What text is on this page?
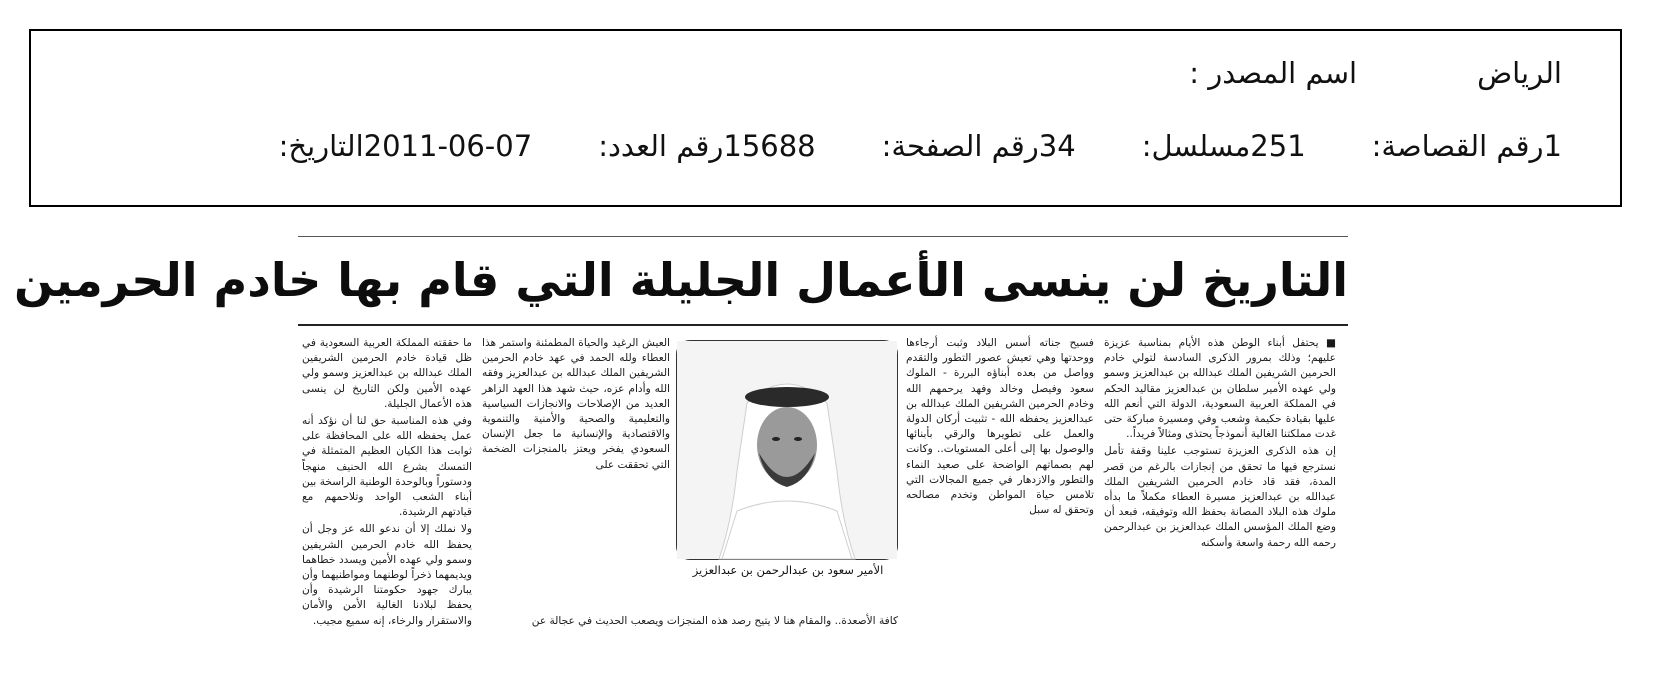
اسم المصدر :	الرياض
التاريخ: 2011-06-07 رقم العدد: 15688 رقم الصفحة: 34 مسلسل: 251 رقم القصاصة: 1
التاريخ لن ينسى الأعمال الجليلة التي قام بها خادم الحرمين

■ يحتفل أبناء الوطن هذه الأيام بمناسبة عزيزة عليهم؛ وذلك بمرور الذكرى السادسة لتولي خادم الحرمين الشريفين الملك عبدالله بن عبدالعزيز وسمو ولي عهده الأمير سلطان بن عبدالعزيز مقاليد الحكم في المملكة العربية السعودية، الدولة التي أنعم الله عليها بقيادة حكيمة وشعب وفي ومسيرة مباركة حتى غدت مملكتنا الغالية أنموذجاً يحتذى ومثالاً فريداً..

إن هذه الذكرى العزيزة تستوجب علينا وقفة تأمل نسترجع فيها ما تحقق من إنجازات بالرغم من قصر المدة، فقد قاد خادم الحرمين الشريفين الملك عبدالله بن عبدالعزيز مسيرة العطاء مكملاً ما بدأه ملوك هذه البلاد المصانة بحفظ الله وتوفيقه، فبعد أن وضع الملك المؤسس الملك عبدالعزيز بن عبدالرحمن رحمه الله رحمة واسعة وأسكنه

فسيح جناته أسس البلاد وثبت أرجاءها ووحدتها وهي تعيش عصور التطور والتقدم وواصل من بعده أبناؤه البررة - الملوك سعود وفيصل وخالد وفهد يرحمهم الله وخادم الحرمين الشريفين الملك عبدالله بن عبدالعزيز يحفظه الله - تثبيت أركان الدولة والعمل على تطويرها والرقي بأبنائها والوصول بها إلى أعلى المستويات.. وكانت لهم بصماتهم الواضحة على صعيد النماء والتطور والازدهار في جميع المجالات التي تلامس حياة المواطن وتخدم مصالحه وتحقق له سبل

الأمير سعود بن عبدالرحمن بن عبدالعزيز

العيش الرغيد والحياة المطمئنة واستمر هذا العطاء ولله الحمد في عهد خادم الحرمين الشريفين الملك عبدالله بن عبدالعزيز وفقه الله وأدام عزه، حيث شهد هذا العهد الزاهر العديد من الإصلاحات والانجازات السياسية والتعليمية والصحية والأمنية والتنموية والاقتصادية والإنسانية ما جعل الإنسان السعودي يفخر ويعتز بالمنجزات الضخمة التي تحققت على

كافة الأصعدة.. والمقام هنا لا يتيح رصد هذه المنجزات ويصعب الحديث في عجالة عن

ما حققته المملكة العربية السعودية في ظل قيادة خادم الحرمين الشريفين الملك عبدالله بن عبدالعزيز وسمو ولي عهده الأمين ولكن التاريخ لن ينسى هذه الأعمال الجليلة.

وفي هذه المناسبة حق لنا أن نؤكد أنه عمل يحفظه الله على المحافظة على ثوابت هذا الكيان العظيم المتمثلة في التمسك بشرع الله الحنيف منهجاً ودستوراً وبالوحدة الوطنية الراسخة بين أبناء الشعب الواحد وتلاحمهم مع قيادتهم الرشيدة.

ولا نملك إلا أن ندعو الله عز وجل أن يحفظ الله خادم الحرمين الشريفين وسمو ولي عهده الأمين ويسدد خطاهما ويديمهما ذخراً لوطنهما ومواطنيهما وأن يبارك جهود حكومتنا الرشيدة وأن يحفظ لبلادنا الغالية الأمن والأمان والاستقرار والرخاء، إنه سميع مجيب.
